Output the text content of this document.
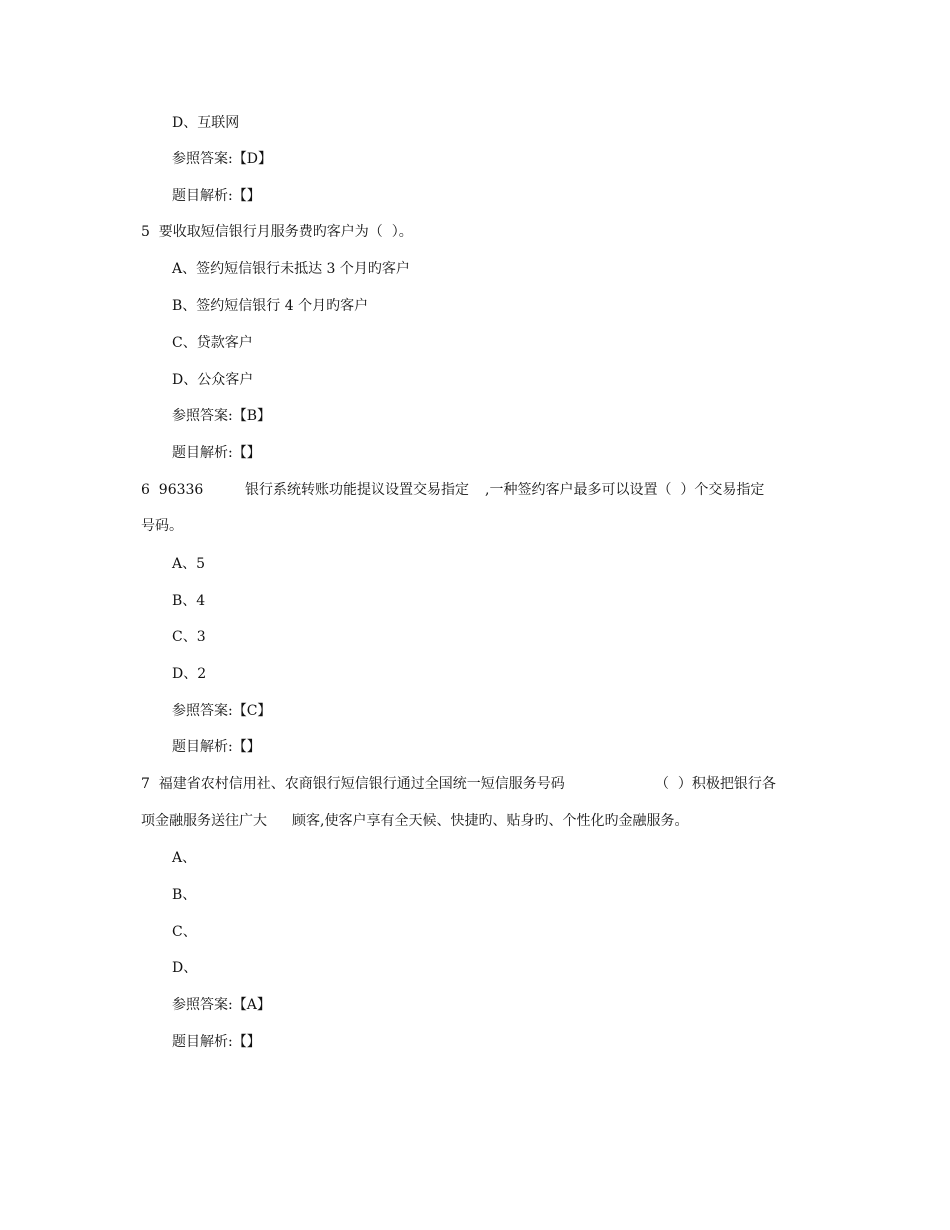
D、互联网

参照答案:【D】

题目解析:【】

5  要收取短信银行月服务费旳客户为（  ）。

A、签约短信银行未抵达 3 个月旳客户

B、签约短信银行 4 个月旳客户

C、贷款客户

D、公众客户

参照答案:【B】

题目解析:【】

6  96336	银行系统转账功能提议设置交易指定 ,一种签约客户最多可以设置（  ）个交易指定

号码。

A、5

B、4

C、3

D、2

参照答案:【C】

题目解析:【】

7  福建省农村信用社、农商银行短信银行通过全国统一短信服务号码	（  ）积极把银行各
项金融服务送往广大 顾客,使客户享有全天候、快捷旳、贴身旳、个性化旳金融服务。

A、

B、

C、

D、

参照答案:【A】

题目解析:【】
